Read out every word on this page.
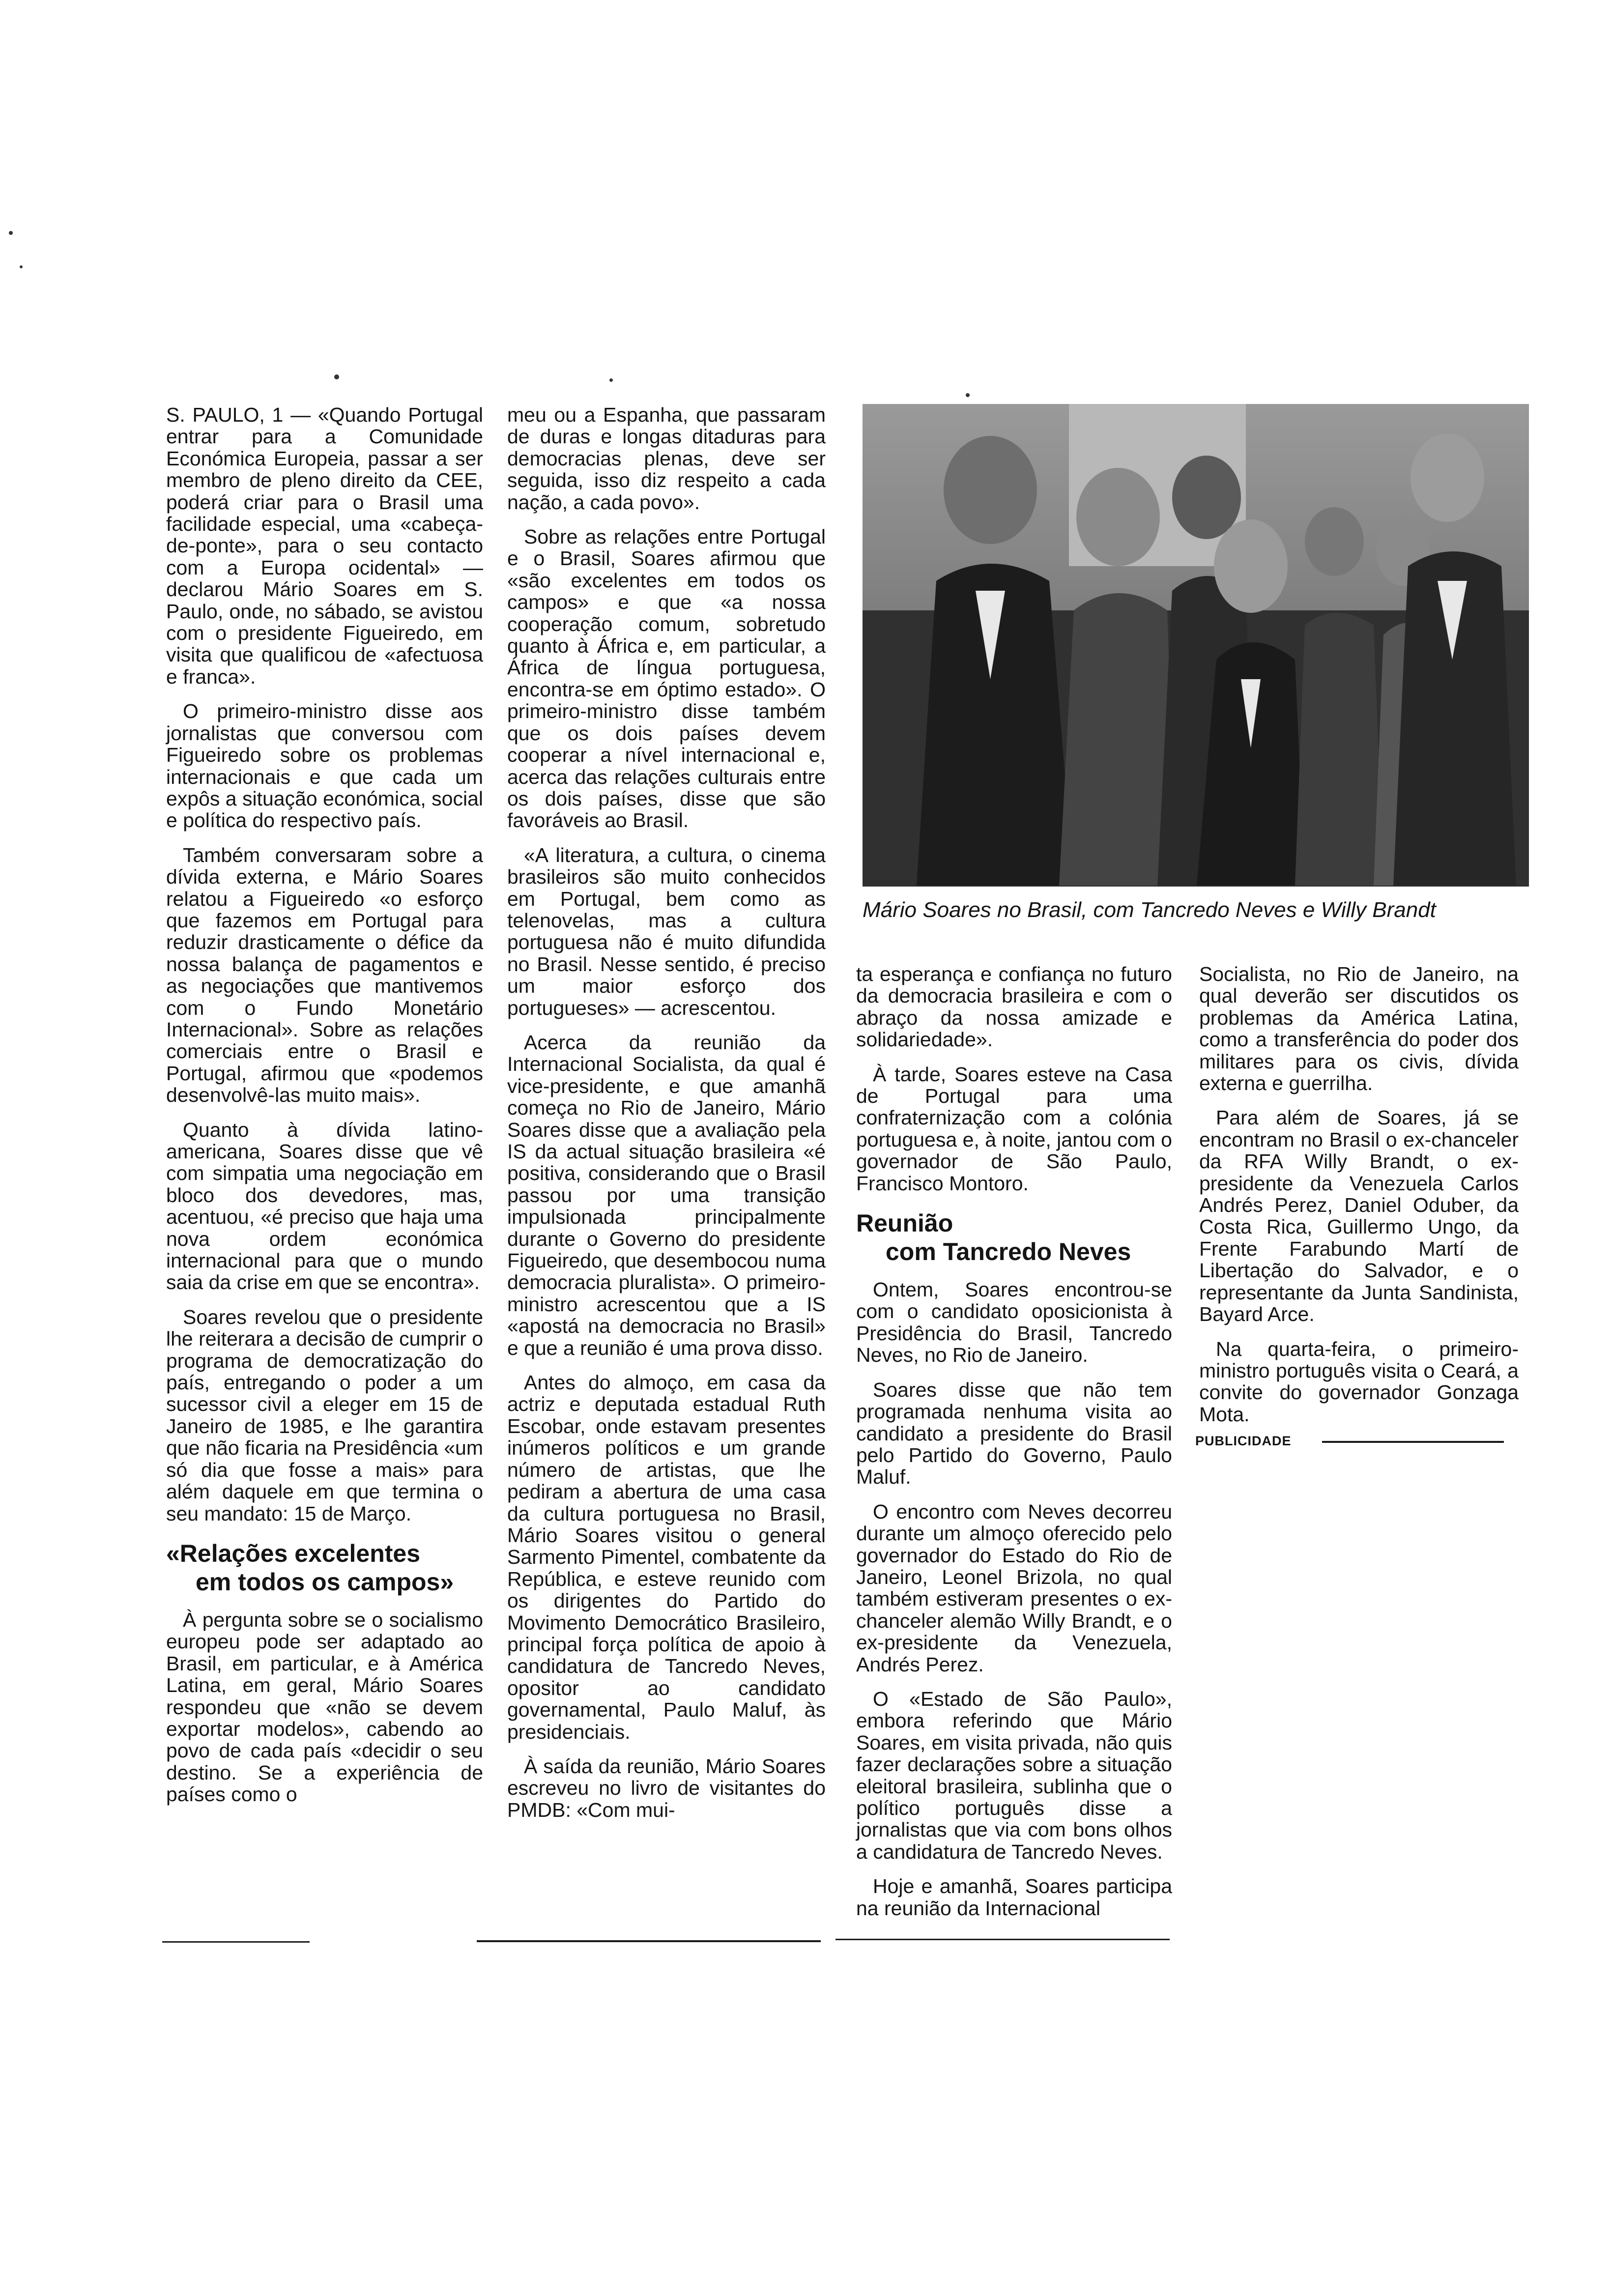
S. PAULO, 1 — «Quando Portugal entrar para a Comunidade Económica Europeia, passar a ser membro de pleno direito da CEE, poderá criar para o Brasil uma facilidade especial, uma «cabeça-de-ponte», para o seu contacto com a Europa ocidental» — declarou Mário Soares em S. Paulo, onde, no sábado, se avistou com o presidente Figueiredo, em visita que qualificou de «afectuosa e franca».

O primeiro-ministro disse aos jornalistas que conversou com Figueiredo sobre os problemas internacionais e que cada um expôs a situação económica, social e política do respectivo país.

Também conversaram sobre a dívida externa, e Mário Soares relatou a Figueiredo «o esforço que fazemos em Portugal para reduzir drasticamente o défice da nossa balança de pagamentos e as negociações que mantivemos com o Fundo Monetário Internacional». Sobre as relações comerciais entre o Brasil e Portugal, afirmou que «podemos desenvolvê-las muito mais».

Quanto à dívida latino-americana, Soares disse que vê com simpatia uma negociação em bloco dos devedores, mas, acentuou, «é preciso que haja uma nova ordem económica internacional para que o mundo saia da crise em que se encontra».

Soares revelou que o presidente lhe reiterara a decisão de cumprir o programa de democratização do país, entregando o poder a um sucessor civil a eleger em 15 de Janeiro de 1985, e lhe garantira que não ficaria na Presidência «um só dia que fosse a mais» para além daquele em que termina o seu mandato: 15 de Março.

«Relações excelentes
em todos os campos»

À pergunta sobre se o socialismo europeu pode ser adaptado ao Brasil, em particular, e à América Latina, em geral, Mário Soares respondeu que «não se devem exportar modelos», cabendo ao povo de cada país «decidir o seu destino. Se a experiência de países como o

meu ou a Espanha, que passaram de duras e longas ditaduras para democracias plenas, deve ser seguida, isso diz respeito a cada nação, a cada povo».

Sobre as relações entre Portugal e o Brasil, Soares afirmou que «são excelentes em todos os campos» e que «a nossa cooperação comum, sobretudo quanto à África e, em particular, a África de língua portuguesa, encontra-se em óptimo estado». O primeiro-ministro disse também que os dois países devem cooperar a nível internacional e, acerca das relações culturais entre os dois países, disse que são favoráveis ao Brasil.

«A literatura, a cultura, o cinema brasileiros são muito conhecidos em Portugal, bem como as telenovelas, mas a cultura portuguesa não é muito difundida no Brasil. Nesse sentido, é preciso um maior esforço dos portugueses» — acrescentou.

Acerca da reunião da Internacional Socialista, da qual é vice-presidente, e que amanhã começa no Rio de Janeiro, Mário Soares disse que a avaliação pela IS da actual situação brasileira «é positiva, considerando que o Brasil passou por uma transição impulsionada principalmente durante o Governo do presidente Figueiredo, que desembocou numa democracia pluralista». O primeiro-ministro acrescentou que a IS «apostá na democracia no Brasil» e que a reunião é uma prova disso.

Antes do almoço, em casa da actriz e deputada estadual Ruth Escobar, onde estavam presentes inúmeros políticos e um grande número de artistas, que lhe pediram a abertura de uma casa da cultura portuguesa no Brasil, Mário Soares visitou o general Sarmento Pimentel, combatente da República, e esteve reunido com os dirigentes do Partido do Movimento Democrático Brasileiro, principal força política de apoio à candidatura de Tancredo Neves, opositor ao candidato governamental, Paulo Maluf, às presidenciais.

À saída da reunião, Mário Soares escreveu no livro de visitantes do PMDB: «Com mui-

Mário Soares no Brasil, com Tancredo Neves e Willy Brandt

ta esperança e confiança no futuro da democracia brasileira e com o abraço da nossa amizade e solidariedade».

À tarde, Soares esteve na Casa de Portugal para uma confraternização com a colónia portuguesa e, à noite, jantou com o governador de São Paulo, Francisco Montoro.

Reunião
com Tancredo Neves

Ontem, Soares encontrou-se com o candidato oposicionista à Presidência do Brasil, Tancredo Neves, no Rio de Janeiro.

Soares disse que não tem programada nenhuma visita ao candidato a presidente do Brasil pelo Partido do Governo, Paulo Maluf.

O encontro com Neves decorreu durante um almoço oferecido pelo governador do Estado do Rio de Janeiro, Leonel Brizola, no qual também estiveram presentes o ex-chanceler alemão Willy Brandt, e o ex-presidente da Venezuela, Andrés Perez.

O «Estado de São Paulo», embora referindo que Mário Soares, em visita privada, não quis fazer declarações sobre a situação eleitoral brasileira, sublinha que o político português disse a jornalistas que via com bons olhos a candidatura de Tancredo Neves.

Hoje e amanhã, Soares participa na reunião da Internacional

Socialista, no Rio de Janeiro, na qual deverão ser discutidos os problemas da América Latina, como a transferência do poder dos militares para os civis, dívida externa e guerrilha.

Para além de Soares, já se encontram no Brasil o ex-chanceler da RFA Willy Brandt, o ex-presidente da Venezuela Carlos Andrés Perez, Daniel Oduber, da Costa Rica, Guillermo Ungo, da Frente Farabundo Martí de Libertação do Salvador, e o representante da Junta Sandinista, Bayard Arce.

Na quarta-feira, o primeiro-ministro português visita o Ceará, a convite do governador Gonzaga Mota.

PUBLICIDADE
